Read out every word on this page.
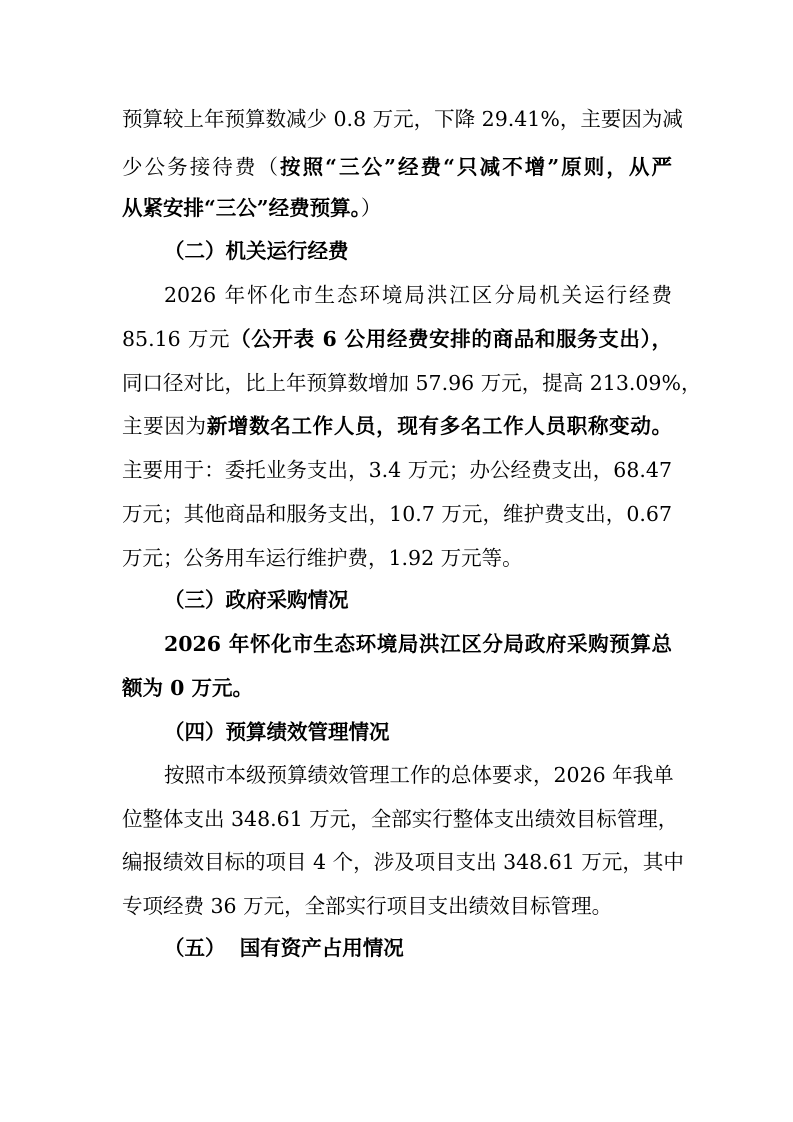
预算较上年预算数减少 0.8 万元，下降 29.41%，主要因为减
少公务接待费（按照“三公”经费“只减不增”原则，从严
从紧安排“三公”经费预算。）
（二）机关运行经费
2026 年怀化市生态环境局洪江区分局机关运行经费
85.16 万元（公开表 6 公用经费安排的商品和服务支出），
同口径对比，比上年预算数增加 57.96 万元，提高 213.09%，
主要因为新增数名工作人员，现有多名工作人员职称变动。
主要用于：委托业务支出，3.4 万元；办公经费支出，68.47
万元；其他商品和服务支出，10.7 万元，维护费支出，0.67
万元；公务用车运行维护费，1.92 万元等。
（三）政府采购情况
2026 年怀化市生态环境局洪江区分局政府采购预算总
额为 0 万元。
（四）预算绩效管理情况
按照市本级预算绩效管理工作的总体要求，2026 年我单
位整体支出 348.61 万元，全部实行整体支出绩效目标管理，
编报绩效目标的项目 4 个，涉及项目支出 348.61 万元，其中
专项经费 36 万元，全部实行项目支出绩效目标管理。
（五）  国有资产占用情况
